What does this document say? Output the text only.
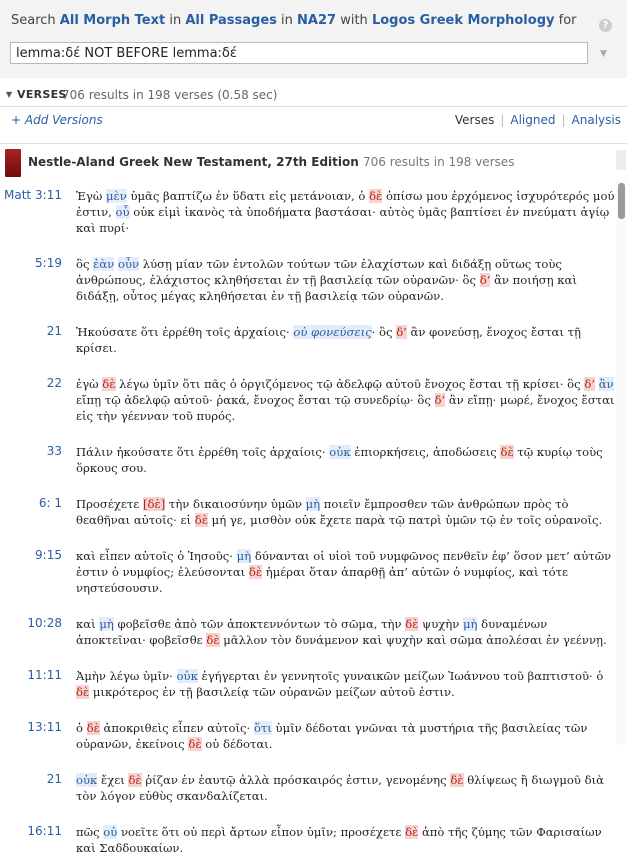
Search All Morph Text in All Passages in NA27 with Logos Greek Morphology for	?
lemma:δέ NOT BEFORE lemma:δέ	▼
▼ VERSES
706 results in 198 verses (0.58 sec)
+ Add Versions	Verses | Aligned | Analysis
Nestle-Aland Greek New Testament, 27th Edition 706 results in 198 verses
Matt 3:11 Ἐγὼ μὲν ὑμᾶς βαπτίζω ἐν ὕδατι εἰς μετάνοιαν, ὁ δὲ ὀπίσω μου ἐρχόμενος ἰσχυρότερός μού ἐστιν, οὗ οὐκ εἰμὶ ἱκανὸς τὰ ὑποδήματα βαστάσαι· αὐτὸς ὑμᾶς βαπτίσει ἐν πνεύματι ἁγίῳ καὶ πυρί·
5:19 ὃς ἐὰν οὖν λύσῃ μίαν τῶν ἐντολῶν τούτων τῶν ἐλαχίστων καὶ διδάξῃ οὕτως τοὺς ἀνθρώπους, ἐλάχιστος κληθήσεται ἐν τῇ βασιλείᾳ τῶν οὐρανῶν· ὃς δ’ ἂν ποιήσῃ καὶ διδάξῃ, οὗτος μέγας κληθήσεται ἐν τῇ βασιλείᾳ τῶν οὐρανῶν.
21 Ἠκούσατε ὅτι ἐρρέθη τοῖς ἀρχαίοις· οὐ φονεύσεις· ὃς δ’ ἂν φονεύσῃ, ἔνοχος ἔσται τῇ κρίσει.
22 ἐγὼ δὲ λέγω ὑμῖν ὅτι πᾶς ὁ ὀργιζόμενος τῷ ἀδελφῷ αὐτοῦ ἔνοχος ἔσται τῇ κρίσει· ὃς δ’ ἂν εἴπῃ τῷ ἀδελφῷ αὐτοῦ· ῥακά, ἔνοχος ἔσται τῷ συνεδρίῳ· ὃς δ’ ἂν εἴπῃ· μωρέ, ἔνοχος ἔσται εἰς τὴν γέενναν τοῦ πυρός.
33 Πάλιν ἠκούσατε ὅτι ἐρρέθη τοῖς ἀρχαίοις· οὐκ ἐπιορκήσεις, ἀποδώσεις δὲ τῷ κυρίῳ τοὺς ὅρκους σου.
6: 1 Προσέχετε [δὲ] τὴν δικαιοσύνην ὑμῶν μὴ ποιεῖν ἔμπροσθεν τῶν ἀνθρώπων πρὸς τὸ θεαθῆναι αὐτοῖς· εἰ δὲ μή γε, μισθὸν οὐκ ἔχετε παρὰ τῷ πατρὶ ὑμῶν τῷ ἐν τοῖς οὐρανοῖς.
9:15 καὶ εἶπεν αὐτοῖς ὁ Ἰησοῦς· μὴ δύνανται οἱ υἱοὶ τοῦ νυμφῶνος πενθεῖν ἐφ’ ὅσον μετ’ αὐτῶν ἐστιν ὁ νυμφίος; ἐλεύσονται δὲ ἡμέραι ὅταν ἀπαρθῇ ἀπ’ αὐτῶν ὁ νυμφίος, καὶ τότε νηστεύσουσιν.
10:28 καὶ μὴ φοβεῖσθε ἀπὸ τῶν ἀποκτεννόντων τὸ σῶμα, τὴν δὲ ψυχὴν μὴ δυναμένων ἀποκτεῖναι· φοβεῖσθε δὲ μᾶλλον τὸν δυνάμενον καὶ ψυχὴν καὶ σῶμα ἀπολέσαι ἐν γεέννῃ.
11:11 Ἀμὴν λέγω ὑμῖν· οὐκ ἐγήγερται ἐν γεννητοῖς γυναικῶν μείζων Ἰωάννου τοῦ βαπτιστοῦ· ὁ δὲ μικρότερος ἐν τῇ βασιλείᾳ τῶν οὐρανῶν μείζων αὐτοῦ ἐστιν.
13:11 ὁ δὲ ἀποκριθεὶς εἶπεν αὐτοῖς· ὅτι ὑμῖν δέδοται γνῶναι τὰ μυστήρια τῆς βασιλείας τῶν οὐρανῶν, ἐκείνοις δὲ οὐ δέδοται.
21 οὐκ ἔχει δὲ ῥίζαν ἐν ἑαυτῷ ἀλλὰ πρόσκαιρός ἐστιν, γενομένης δὲ θλίψεως ἢ διωγμοῦ διὰ τὸν λόγον εὐθὺς σκανδαλίζεται.
16:11 πῶς οὐ νοεῖτε ὅτι οὐ περὶ ἄρτων εἶπον ὑμῖν; προσέχετε δὲ ἀπὸ τῆς ζύμης τῶν Φαρισαίων καὶ Σαδδουκαίων.
